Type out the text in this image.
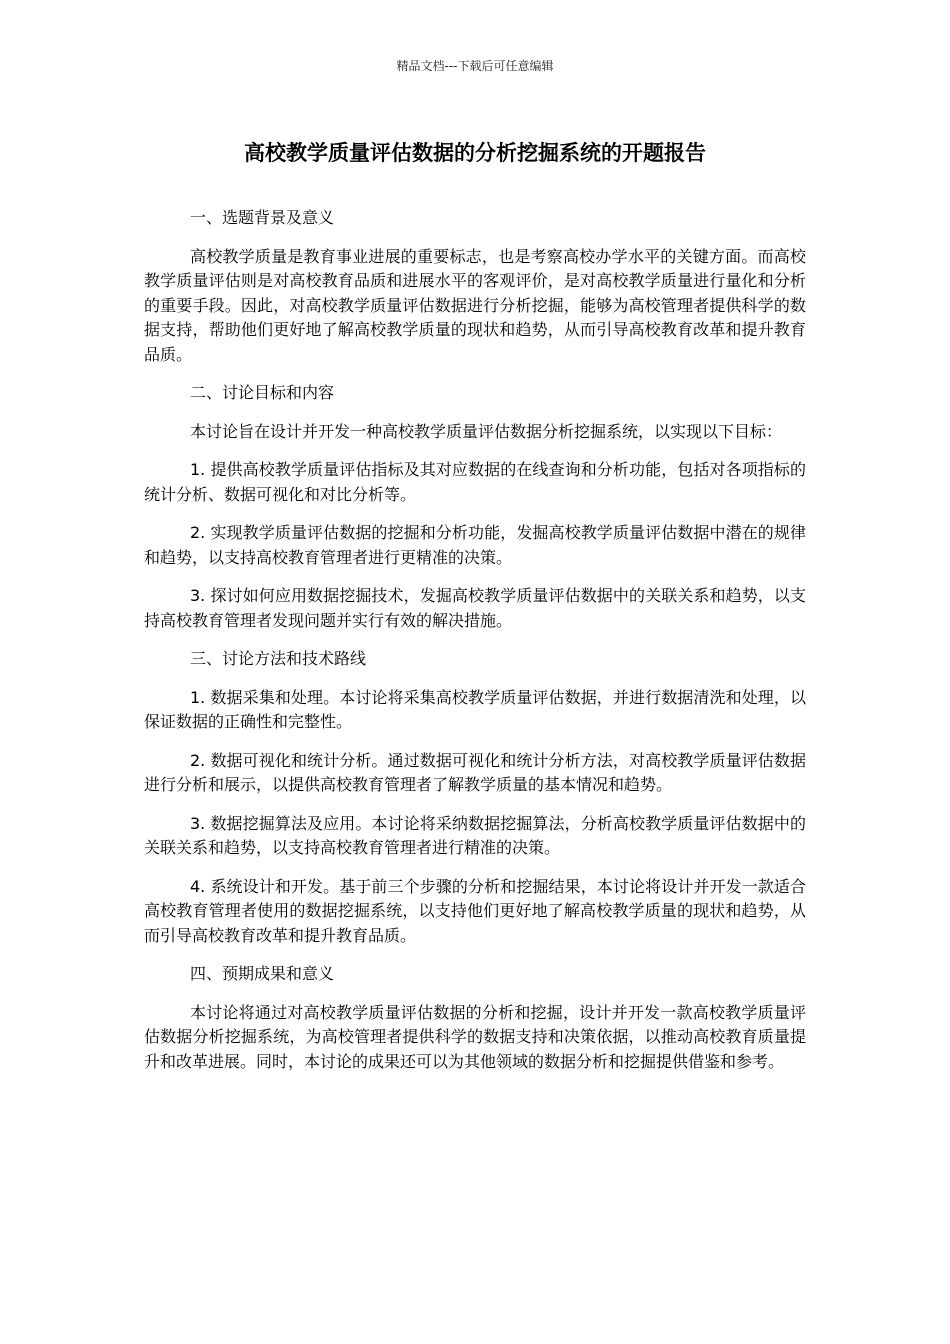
精品文档---下载后可任意编辑
高校教学质量评估数据的分析挖掘系统的开题报告

一、选题背景及意义

高校教学质量是教育事业进展的重要标志，也是考察高校办学水平的关键方面。而高校教学质量评估则是对高校教育品质和进展水平的客观评价，是对高校教学质量进行量化和分析的重要手段。因此，对高校教学质量评估数据进行分析挖掘，能够为高校管理者提供科学的数据支持，帮助他们更好地了解高校教学质量的现状和趋势，从而引导高校教育改革和提升教育品质。

二、讨论目标和内容

本讨论旨在设计并开发一种高校教学质量评估数据分析挖掘系统，以实现以下目标：

1. 提供高校教学质量评估指标及其对应数据的在线查询和分析功能，包括对各项指标的统计分析、数据可视化和对比分析等。

2. 实现教学质量评估数据的挖掘和分析功能，发掘高校教学质量评估数据中潜在的规律和趋势，以支持高校教育管理者进行更精准的决策。

3. 探讨如何应用数据挖掘技术，发掘高校教学质量评估数据中的关联关系和趋势，以支持高校教育管理者发现问题并实行有效的解决措施。

三、讨论方法和技术路线

1. 数据采集和处理。本讨论将采集高校教学质量评估数据，并进行数据清洗和处理，以保证数据的正确性和完整性。

2. 数据可视化和统计分析。通过数据可视化和统计分析方法，对高校教学质量评估数据进行分析和展示，以提供高校教育管理者了解教学质量的基本情况和趋势。

3. 数据挖掘算法及应用。本讨论将采纳数据挖掘算法，分析高校教学质量评估数据中的关联关系和趋势，以支持高校教育管理者进行精准的决策。

4. 系统设计和开发。基于前三个步骤的分析和挖掘结果，本讨论将设计并开发一款适合高校教育管理者使用的数据挖掘系统，以支持他们更好地了解高校教学质量的现状和趋势，从而引导高校教育改革和提升教育品质。

四、预期成果和意义

本讨论将通过对高校教学质量评估数据的分析和挖掘，设计并开发一款高校教学质量评估数据分析挖掘系统，为高校管理者提供科学的数据支持和决策依据，以推动高校教育质量提升和改革进展。同时，本讨论的成果还可以为其他领域的数据分析和挖掘提供借鉴和参考。
